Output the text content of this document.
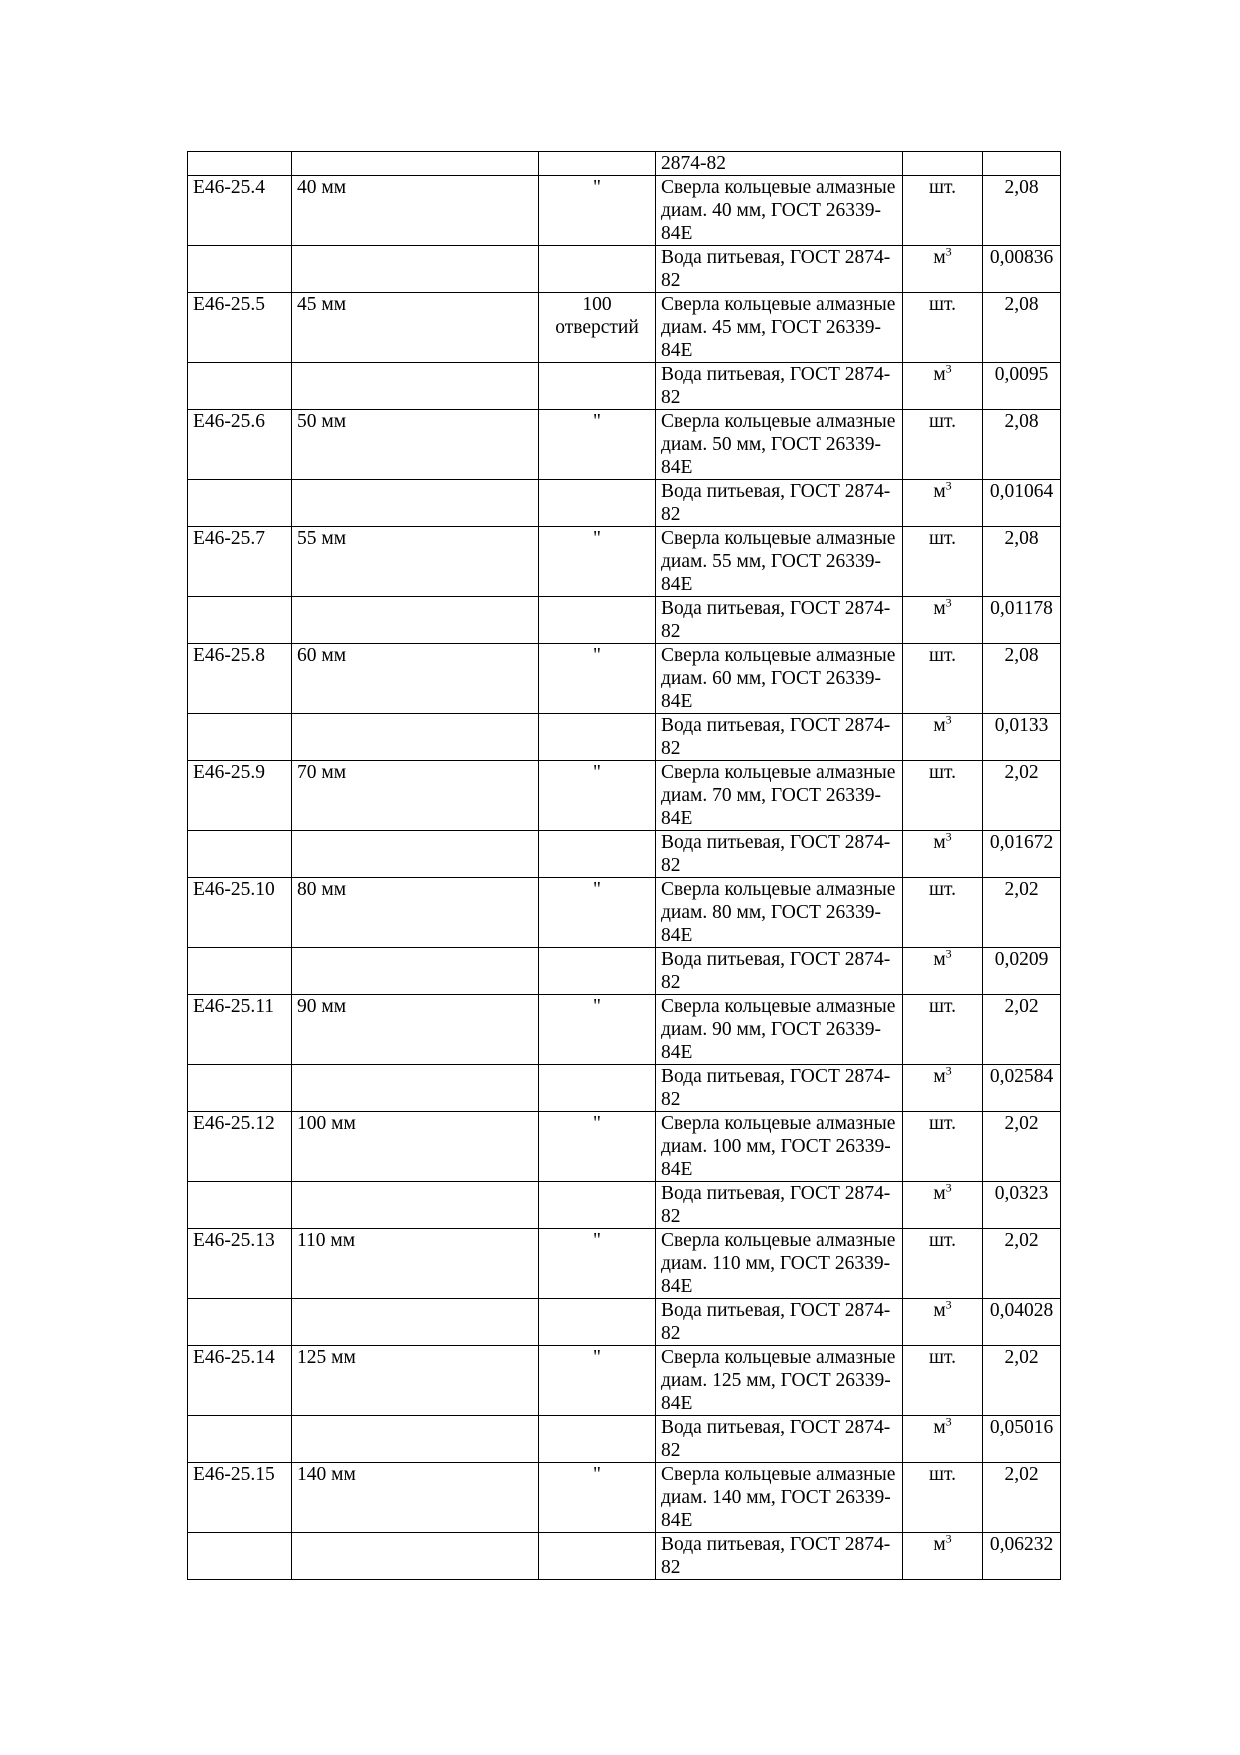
			2874-82		
Е46-25.4	40 мм	"	Сверла кольцевые алмазные диам. 40 мм, ГОСТ 26339-84Е	шт.	2,08
			Вода питьевая, ГОСТ 2874-82	$м^3$	0,00836
Е46-25.5	45 мм	100 отверстий	Сверла кольцевые алмазные диам. 45 мм, ГОСТ 26339-84Е	шт.	2,08
			Вода питьевая, ГОСТ 2874-82	$м^3$	0,0095
Е46-25.6	50 мм	"	Сверла кольцевые алмазные диам. 50 мм, ГОСТ 26339-84Е	шт.	2,08
			Вода питьевая, ГОСТ 2874-82	$м^3$	0,01064
Е46-25.7	55 мм	"	Сверла кольцевые алмазные диам. 55 мм, ГОСТ 26339-84Е	шт.	2,08
			Вода питьевая, ГОСТ 2874-82	$м^3$	0,01178
Е46-25.8	60 мм	"	Сверла кольцевые алмазные диам. 60 мм, ГОСТ 26339-84Е	шт.	2,08
			Вода питьевая, ГОСТ 2874-82	$м^3$	0,0133
Е46-25.9	70 мм	"	Сверла кольцевые алмазные диам. 70 мм, ГОСТ 26339-84Е	шт.	2,02
			Вода питьевая, ГОСТ 2874-82	$м^3$	0,01672
Е46-25.10	80 мм	"	Сверла кольцевые алмазные диам. 80 мм, ГОСТ 26339-84Е	шт.	2,02
			Вода питьевая, ГОСТ 2874-82	$м^3$	0,0209
Е46-25.11	90 мм	"	Сверла кольцевые алмазные диам. 90 мм, ГОСТ 26339-84Е	шт.	2,02
			Вода питьевая, ГОСТ 2874-82	$м^3$	0,02584
Е46-25.12	100 мм	"	Сверла кольцевые алмазные диам. 100 мм, ГОСТ 26339-84Е	шт.	2,02
			Вода питьевая, ГОСТ 2874-82	$м^3$	0,0323
Е46-25.13	110 мм	"	Сверла кольцевые алмазные диам. 110 мм, ГОСТ 26339-84Е	шт.	2,02
			Вода питьевая, ГОСТ 2874-82	$м^3$	0,04028
Е46-25.14	125 мм	"	Сверла кольцевые алмазные диам. 125 мм, ГОСТ 26339-84Е	шт.	2,02
			Вода питьевая, ГОСТ 2874-82	$м^3$	0,05016
Е46-25.15	140 мм	"	Сверла кольцевые алмазные диам. 140 мм, ГОСТ 26339-84Е	шт.	2,02
			Вода питьевая, ГОСТ 2874-82	$м^3$	0,06232
